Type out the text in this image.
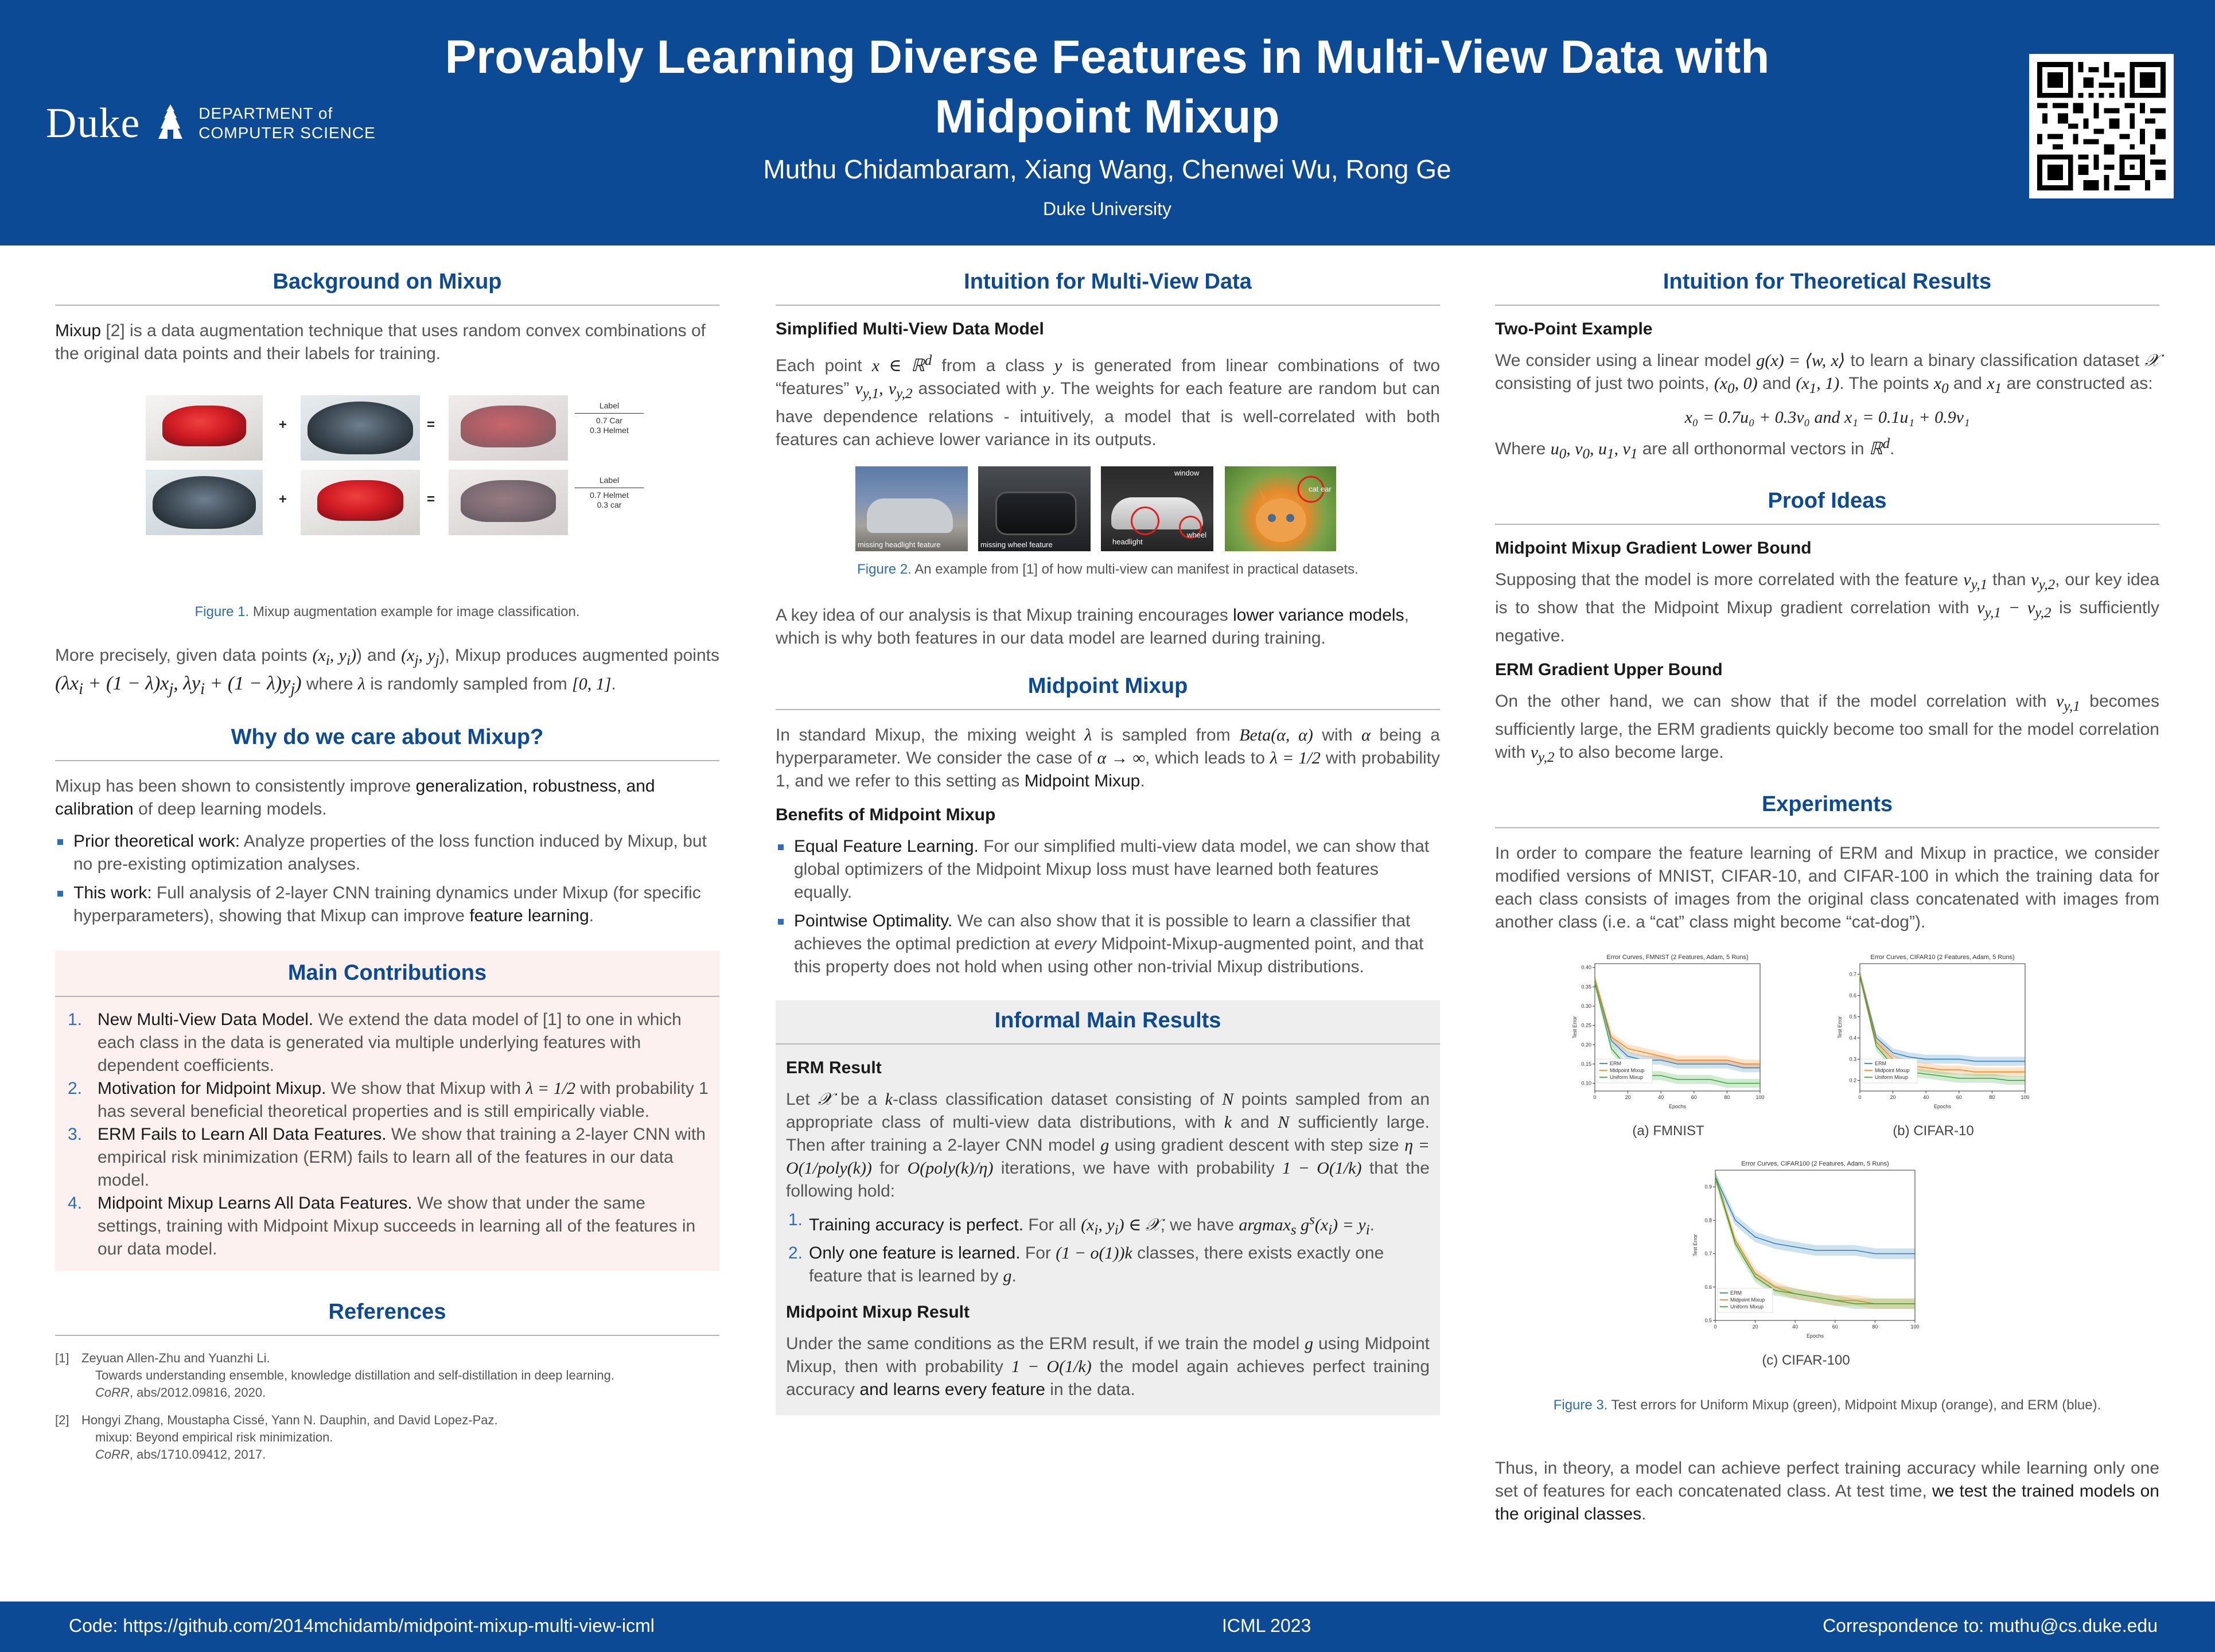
Duke	DEPARTMENT of
COMPUTER SCIENCE
Provably Learning Diverse Features in Multi-View Data with
Midpoint Mixup
Muthu Chidambaram, Xiang Wang, Chenwei Wu, Rong Ge
Duke University
Background on Mixup

Mixup [2] is a data augmentation technique that uses random convex combinations of the original data points and their labels for training.

+	=
Label
0.7 Car
0.3 Helmet
+	=
Label
0.7 Helmet
0.3 car
Figure 1. Mixup augmentation example for image classification.

More precisely, given data points ($x_i$, $y_i$)) and ($x_j$, $y_j$), Mixup produces augmented points ($\lambda x_i + (1 - \lambda)x_j$, $\lambda y_i + (1 - \lambda)y_j$) where λ is randomly sampled from [0, 1].

Why do we care about Mixup?

Mixup has been shown to consistently improve generalization, robustness, and calibration of deep learning models.

Prior theoretical work: Analyze properties of the loss function induced by Mixup, but no pre-existing optimization analyses.
This work: Full analysis of 2-layer CNN training dynamics under Mixup (for specific hyperparameters), showing that Mixup can improve feature learning.
Main Contributions
1. New Multi-View Data Model. We extend the data model of [1] to one in which each class in the data is generated via multiple underlying features with dependent coefficients.
2. Motivation for Midpoint Mixup. We show that Mixup with λ = 1/2 with probability 1 has several beneficial theoretical properties and is still empirically viable.
3. ERM Fails to Learn All Data Features. We show that training a 2-layer CNN with empirical risk minimization (ERM) fails to learn all of the features in our data model.
4. Midpoint Mixup Learns All Data Features. We show that under the same settings, training with Midpoint Mixup succeeds in learning all of the features in our data model.
References
[1] Zeyuan Allen-Zhu and Yuanzhi Li.
Towards understanding ensemble, knowledge distillation and self-distillation in deep learning.
CoRR, abs/2012.09816, 2020.
[2] Hongyi Zhang, Moustapha Cissé, Yann N. Dauphin, and David Lopez-Paz.
mixup: Beyond empirical risk minimization.
CoRR, abs/1710.09412, 2017.
Intuition for Multi-View Data
Simplified Multi-View Data Model

Each point x ∈ ℝ$^d$ from a class y is generated from linear combinations of two “features” $v_{y,1}$, $v_{y,2}$ associated with y. The weights for each feature are random but can have dependence relations - intuitively, a model that is well-correlated with both features can achieve lower variance in its outputs.

missing headlight feature	missing wheel feature
window
headlight
wheel
cat ear
Figure 2. An example from [1] of how multi-view can manifest in practical datasets.

A key idea of our analysis is that Mixup training encourages lower variance models, which is why both features in our data model are learned during training.

Midpoint Mixup

In standard Mixup, the mixing weight λ is sampled from Beta(α, α) with α being a hyperparameter. We consider the case of α → ∞, which leads to λ = 1/2 with probability 1, and we refer to this setting as Midpoint Mixup.

Benefits of Midpoint Mixup
Equal Feature Learning. For our simplified multi-view data model, we can show that global optimizers of the Midpoint Mixup loss must have learned both features equally.
Pointwise Optimality. We can also show that it is possible to learn a classifier that achieves the optimal prediction at every Midpoint-Mixup-augmented point, and that this property does not hold when using other non-trivial Mixup distributions.
Informal Main Results
ERM Result

Let 𝒳 be a k-class classification dataset consisting of N points sampled from an appropriate class of multi-view data distributions, with k and N sufficiently large. Then after training a 2-layer CNN model g using gradient descent with step size η = O(1/poly(k)) for O(poly(k)/η) iterations, we have with probability 1 − O(1/k) that the following hold:

1. Training accuracy is perfect. For all ($x_i$, $y_i$) ∈ 𝒳, we have argmax$_s$ $g^s(x_i) = y_i$.
2. Only one feature is learned. For (1 − o(1))k classes, there exists exactly one feature that is learned by g.
Midpoint Mixup Result

Under the same conditions as the ERM result, if we train the model g using Midpoint Mixup, then with probability 1 − O(1/k) the model again achieves perfect training accuracy and learns every feature in the data.

Intuition for Theoretical Results
Two-Point Example

We consider using a linear model g(x) = ⟨w, x⟩ to learn a binary classification dataset 𝒳 consisting of just two points, ($x_0$, 0) and ($x_1$, 1). The points $x_0$ and $x_1$ are constructed as:

x₀ = 0.7u₀ + 0.3v₀ and x₁ = 0.1u₁ + 0.9v₁

Where $u_0$, $v_0$, $u_1$, $v_1$ are all orthonormal vectors in ℝ$^d$.

Proof Ideas
Midpoint Mixup Gradient Lower Bound

Supposing that the model is more correlated with the feature $v_{y,1}$ than $v_{y,2}$, our key idea is to show that the Midpoint Mixup gradient correlation with $v_{y,1} - v_{y,2}$ is sufficiently negative.

ERM Gradient Upper Bound

On the other hand, we can show that if the model correlation with $v_{y,1}$ becomes sufficiently large, the ERM gradients quickly become too small for the model correlation with $v_{y,2}$ to also become large.

Experiments

In order to compare the feature learning of ERM and Mixup in practice, we consider modified versions of MNIST, CIFAR-10, and CIFAR-100 in which the training data for each class consists of images from the original class concatenated with images from another class (i.e. a “cat” class might become “cat-dog”).

Error Curves, FMNIST (2 Features, Adam, 5 Runs)
0	20	40	60	80	100
0.10
0.15
0.20
0.25
0.30
0.35
0.40
Epochs
Test Error
ERM
Midpoint Mixup
Uniform Mixup
(a) FMNIST
Error Curves, CIFAR10 (2 Features, Adam, 5 Runs)
0	20	40	60	80	100
0.2
0.3
0.4
0.5
0.6
0.7
Epochs
Test Error
ERM
Midpoint Mixup
Uniform Mixup
(b) CIFAR-10
Error Curves, CIFAR100 (2 Features, Adam, 5 Runs)
0	20	40	60	80	100
0.5
0.6
0.7
0.8
0.9
Epochs
Test Error
ERM
Midpoint Mixup
Uniform Mixup
(c) CIFAR-100
Figure 3. Test errors for Uniform Mixup (green), Midpoint Mixup (orange), and ERM (blue).

Thus, in theory, a model can achieve perfect training accuracy while learning only one set of features for each concatenated class. At test time, we test the trained models on the original classes.

Code: https://github.com/2014mchidamb/midpoint-mixup-multi-view-icml	ICML 2023	Correspondence to: muthu@cs.duke.edu
